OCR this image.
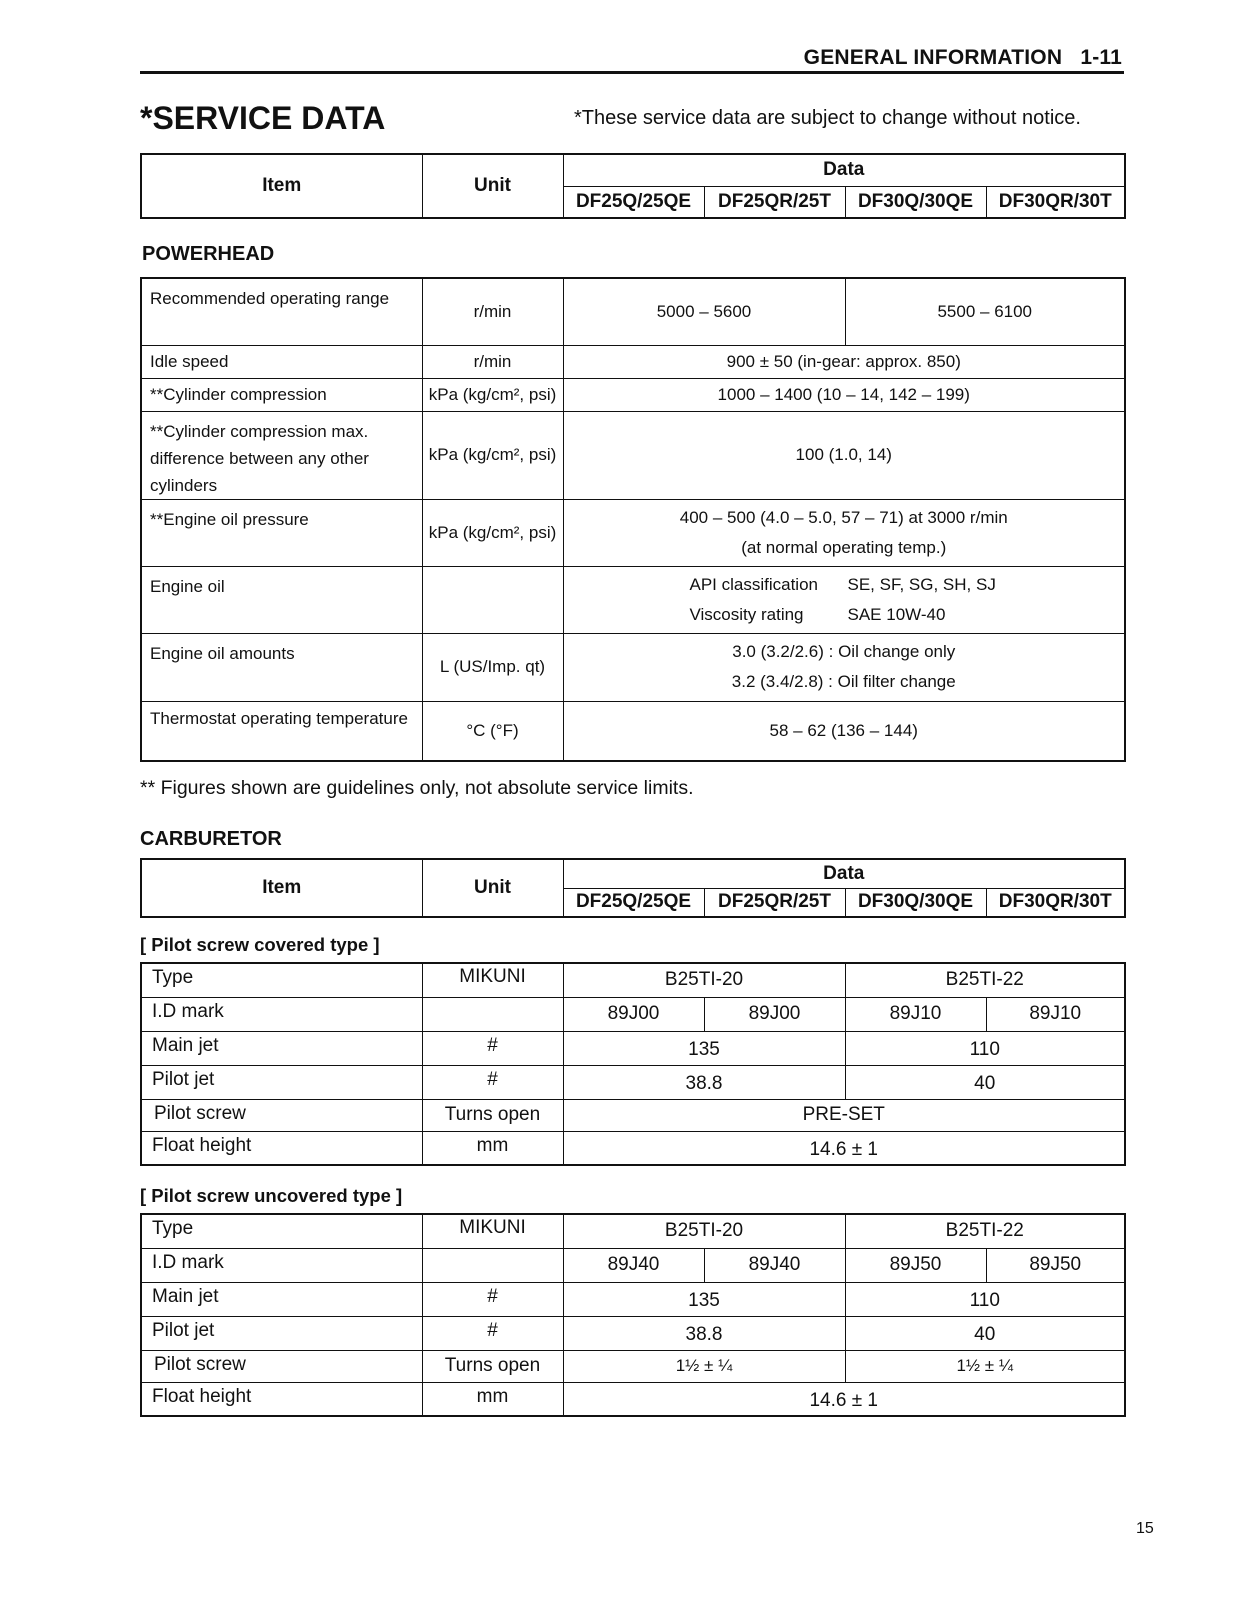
GENERAL INFORMATION 1-11
*SERVICE DATA	*These service data are subject to change without notice.
Item	Unit	Data			
		DF25Q/25QE	DF25QR/25T	DF30Q/30QE	DF30QR/30T
POWERHEAD
Recommended operating range	r/min	5000 – 5600	5500 – 6100
Idle speed	r/min	900 ± 50 (in-gear: approx. 850)	
**Cylinder compression	kPa (kg/cm², psi)	1000 – 1400 (10 – 14, 142 – 199)	
**Cylinder compression max. difference between any other cylinders	kPa (kg/cm², psi)	100 (1.0, 14)	
**Engine oil pressure	kPa (kg/cm², psi)	400 – 500 (4.0 – 5.0, 57 – 71) at 3000 r/min
(at normal operating temp.)	

Engine oil		API classification SE, SF, SG, SH, SJ
Viscosity rating SAE 10W-40	

Engine oil amounts	L (US/Imp. qt)	3.0 (3.2/2.6) : Oil change only
3.2 (3.4/2.8) : Oil filter change	

Thermostat operating temperature	°C (°F)	58 – 62 (136 – 144)	
** Figures shown are guidelines only, not absolute service limits.
CARBURETOR
Item	Unit	Data			
		DF25Q/25QE	DF25QR/25T	DF30Q/30QE	DF30QR/30T
[ Pilot screw covered type ]
Type	MIKUNI	B25TI-20		B25TI-22	
I.D mark		89J00	89J00	89J10	89J10
Main jet	#	135		110	
Pilot jet	#	38.8		40	
Pilot screw	Turns open	PRE-SET			
Float height	mm	14.6 ± 1			
[ Pilot screw uncovered type ]
Type	MIKUNI	B25TI-20		B25TI-22	
I.D mark		89J40	89J40	89J50	89J50
Main jet	#	135		110	
Pilot jet	#	38.8		40	
Pilot screw	Turns open	1½ ± ¼		1½ ± ¼	
Float height	mm	14.6 ± 1			
15
